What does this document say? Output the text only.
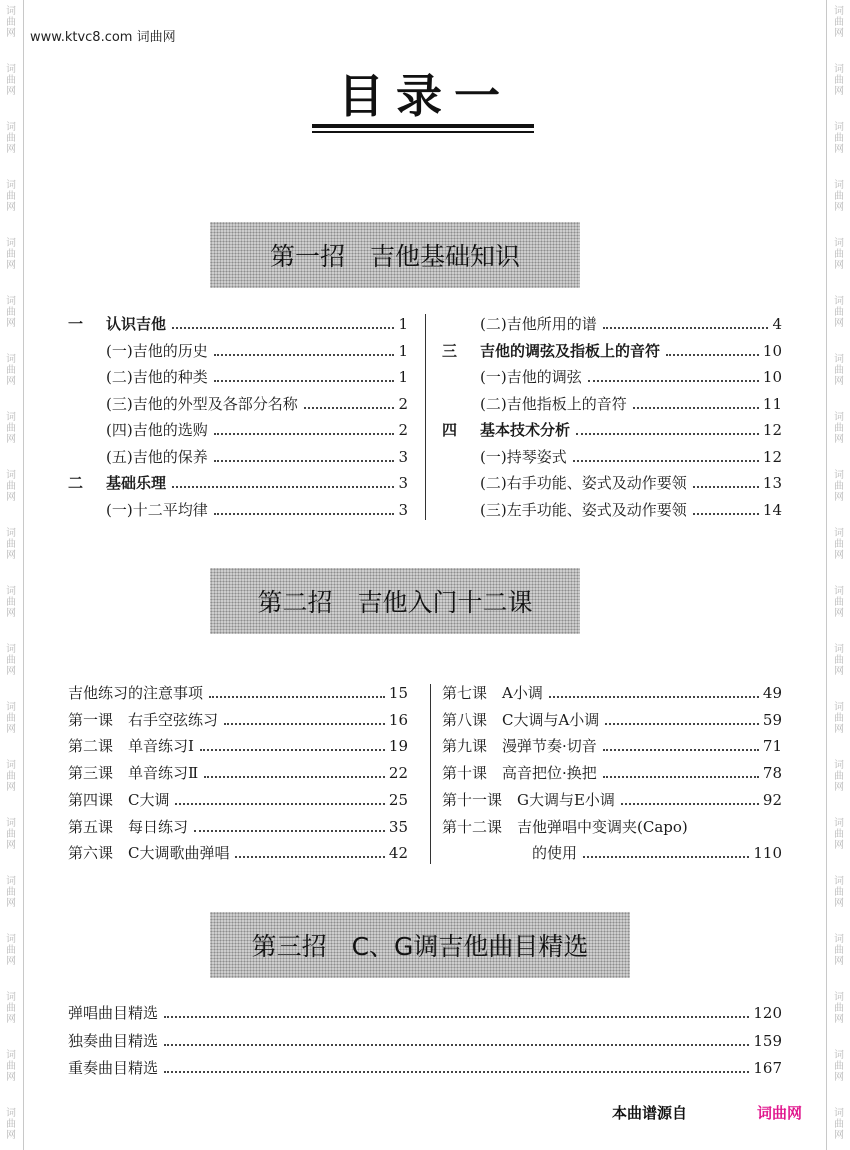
词
曲
网
词
曲
网
词
曲
网
词
曲
网
词
曲
网
词
曲
网
词
曲
网
词
曲
网
词
曲
网
词
曲
网
词
曲
网
词
曲
网
词
曲
网
词
曲
网
词
曲
网
词
曲
网
词
曲
网
词
曲
网
词
曲
网
词
曲
网
词
曲
网
词
曲
网
词
曲
网
词
曲
网
词
曲
网
词
曲
网
词
曲
网
词
曲
网
词
曲
网
词
曲
网
词
曲
网
词
曲
网
词
曲
网
词
曲
网
词
曲
网
词
曲
网
词
曲
网
词
曲
网
词
曲
网
词
曲
网
www.ktvc8.com 词曲网
目录一
第一招　吉他基础知识
第二招　吉他入门十二课
第三招　C、G调吉他曲目精选
一	认识吉他	1
(一)吉他的历史	1
(二)吉他的种类	1
(三)吉他的外型及各部分名称	2
(四)吉他的选购	2
(五)吉他的保养	3
二	基础乐理	3
(一)十二平均律	3
(二)吉他所用的谱	4
三	吉他的调弦及指板上的音符	10
(一)吉他的调弦	10
(二)吉他指板上的音符	11
四	基本技术分析	12
(一)持琴姿式	12
(二)右手功能、姿式及动作要领	13
(三)左手功能、姿式及动作要领	14
吉他练习的注意事项	15
第一课　右手空弦练习	16
第二课　单音练习Ⅰ	19
第三课　单音练习Ⅱ	22
第四课　C大调	25
第五课　每日练习	35
第六课　C大调歌曲弹唱	42
第七课　A小调	49
第八课　C大调与A小调	59
第九课　漫弹节奏·切音	71
第十课　高音把位·换把	78
第十一课　G大调与E小调	92
第十二课　吉他弹唱中变调夹(Capo)
的使用	110
弹唱曲目精选	120
独奏曲目精选	159
重奏曲目精选	167
本曲谱源自	词曲网
